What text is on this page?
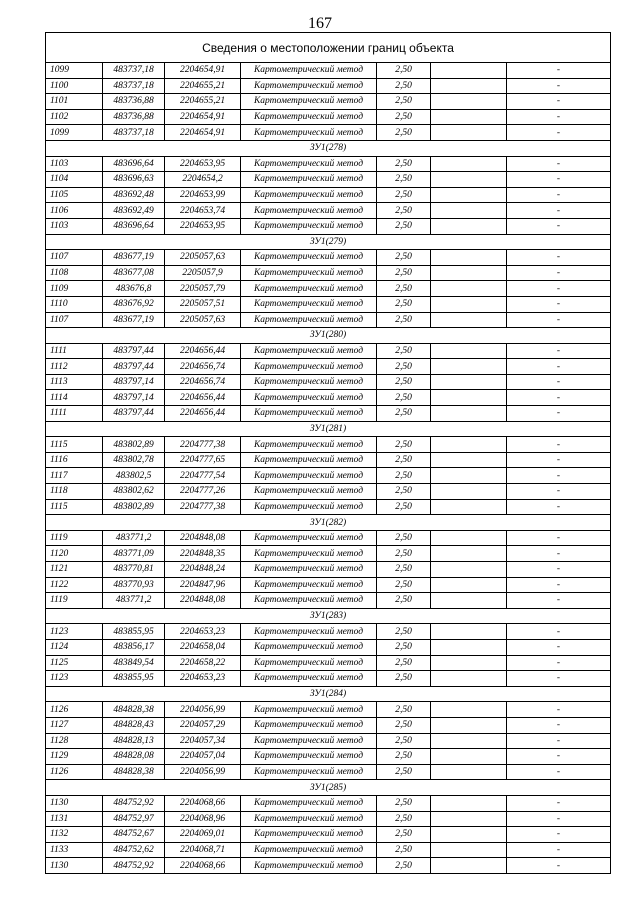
167
Сведения о местоположении границ объекта						
1099	483737,18	2204654,91	Картометрический метод	2,50		-
1100	483737,18	2204655,21	Картометрический метод	2,50		-
1101	483736,88	2204655,21	Картометрический метод	2,50		-
1102	483736,88	2204654,91	Картометрический метод	2,50		-
1099	483737,18	2204654,91	Картометрический метод	2,50		-
ЗУ1(278)						
1103	483696,64	2204653,95	Картометрический метод	2,50		-
1104	483696,63	2204654,2	Картометрический метод	2,50		-
1105	483692,48	2204653,99	Картометрический метод	2,50		-
1106	483692,49	2204653,74	Картометрический метод	2,50		-
1103	483696,64	2204653,95	Картометрический метод	2,50		-
ЗУ1(279)						
1107	483677,19	2205057,63	Картометрический метод	2,50		-
1108	483677,08	2205057,9	Картометрический метод	2,50		-
1109	483676,8	2205057,79	Картометрический метод	2,50		-
1110	483676,92	2205057,51	Картометрический метод	2,50		-
1107	483677,19	2205057,63	Картометрический метод	2,50		-
ЗУ1(280)						
1111	483797,44	2204656,44	Картометрический метод	2,50		-
1112	483797,44	2204656,74	Картометрический метод	2,50		-
1113	483797,14	2204656,74	Картометрический метод	2,50		-
1114	483797,14	2204656,44	Картометрический метод	2,50		-
1111	483797,44	2204656,44	Картометрический метод	2,50		-
ЗУ1(281)						
1115	483802,89	2204777,38	Картометрический метод	2,50		-
1116	483802,78	2204777,65	Картометрический метод	2,50		-
1117	483802,5	2204777,54	Картометрический метод	2,50		-
1118	483802,62	2204777,26	Картометрический метод	2,50		-
1115	483802,89	2204777,38	Картометрический метод	2,50		-
ЗУ1(282)						
1119	483771,2	2204848,08	Картометрический метод	2,50		-
1120	483771,09	2204848,35	Картометрический метод	2,50		-
1121	483770,81	2204848,24	Картометрический метод	2,50		-
1122	483770,93	2204847,96	Картометрический метод	2,50		-
1119	483771,2	2204848,08	Картометрический метод	2,50		-
ЗУ1(283)						
1123	483855,95	2204653,23	Картометрический метод	2,50		-
1124	483856,17	2204658,04	Картометрический метод	2,50		-
1125	483849,54	2204658,22	Картометрический метод	2,50		-
1123	483855,95	2204653,23	Картометрический метод	2,50		-
ЗУ1(284)						
1126	484828,38	2204056,99	Картометрический метод	2,50		-
1127	484828,43	2204057,29	Картометрический метод	2,50		-
1128	484828,13	2204057,34	Картометрический метод	2,50		-
1129	484828,08	2204057,04	Картометрический метод	2,50		-
1126	484828,38	2204056,99	Картометрический метод	2,50		-
ЗУ1(285)						
1130	484752,92	2204068,66	Картометрический метод	2,50		-
1131	484752,97	2204068,96	Картометрический метод	2,50		-
1132	484752,67	2204069,01	Картометрический метод	2,50		-
1133	484752,62	2204068,71	Картометрический метод	2,50		-
1130	484752,92	2204068,66	Картометрический метод	2,50		-
